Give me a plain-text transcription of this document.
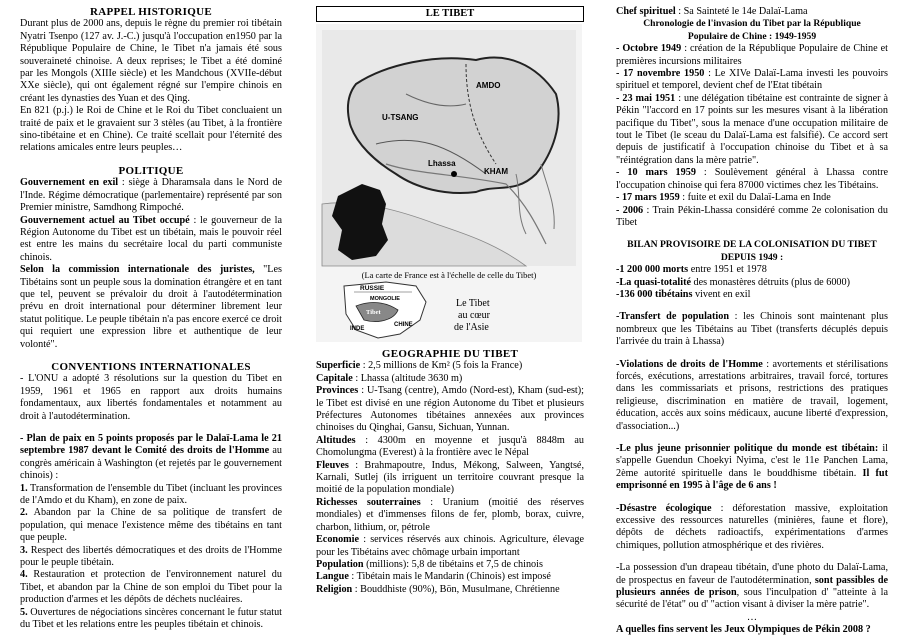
RAPPEL HISTORIQUE

Durant plus de 2000 ans, depuis le règne du premier roi tibétain Nyatri Tsenpo (127 av. J.-C.) jusqu'à l'occupation en1950 par la République Populaire de Chine, le Tibet n'a jamais été sous souveraineté chinoise. A deux reprises; le Tibet a été dominé par les Mongols (XIIIe siècle) et les Mandchous (XVIIe-début XXe siècle), qui ont également régné sur l'empire chinois en créant les dynasties des Yuan et des Qing.

En 821 (p.j.) le Roi de Chine et le Roi du Tibet concluaient un traité de paix et le gravaient sur 3 stèles (au Tibet, à la frontière sino-tibétaine et en Chine). Ce traité scellait pour l'éternité des relations amicales entre leurs peuples…

POLITIQUE

Gouvernement en exil : siège à Dharamsala dans le Nord de l'Inde. Régime démocratique (parlementaire) représenté par son Premier ministre, Samdhong Rimpoché.

Gouvernement actuel au Tibet occupé : le gouverneur de la Région Autonome du Tibet est un tibétain, mais le pouvoir réel est entre les mains du secrétaire local du parti communiste chinois.

Selon la commission internationale des juristes, "Les Tibétains sont un peuple sous la domination étrangère et en tant que tel, peuvent se prévaloir du droit à l'autodétermination prévu en droit international pour déterminer librement leur statut politique. Le peuple tibétain n'a pas encore exercé ce droit qui requiert une expression libre et authentique de leur volonté".

CONVENTIONS INTERNATIONALES

- L'ONU a adopté 3 résolutions sur la question du Tibet en 1959, 1961 et 1965 en rapport aux droits humains fondamentaux, aux libertés fondamentales et notamment au droit à l'autodétermination.

- Plan de paix en 5 points proposés par le Dalaï-Lama le 21 septembre 1987 devant le Comité des droits de l'Homme au congrès américain à Washington (et rejetés par le gouvernement chinois) :

1. Transformation de l'ensemble du Tibet (incluant les provinces de l'Amdo et du Kham), en zone de paix.

2. Abandon par la Chine de sa politique de transfert de population, qui menace l'existence même des tibétains en tant que peuple.

3. Respect des libertés démocratiques et des droits de l'Homme pour le peuple tibétain.

4. Restauration et protection de l'environnement naturel du Tibet, et abandon par la Chine de son emploi du Tibet pour la production d'armes et les dépôts de déchets nucléaires.

5. Ouvertures de négociations sincères concernant le futur statut du Tibet et les relations entre les peuples tibétain et chinois.

LE TIBET
AMDO
U-TSANG
KHAM
Lhassa
(La carte de France est à l'échelle de celle du Tibet)
RUSSIE
MONGOLIE
Tibet
INDE
CHINE
Le Tibet
au cœur
de l'Asie

GEOGRAPHIE DU TIBET

Superficie : 2,5 millions de Km² (5 fois la France)

Capitale : Lhassa (altitude 3630 m)

Provinces : U-Tsang (centre), Amdo (Nord-est), Kham (sud-est); le Tibet est divisé en une région Autonome du Tibet et plusieurs Préfectures Autonomes tibétaines annexées aux provinces chinoises du Qinghai, Gansu, Sichuan, Yunnan.

Altitudes : 4300m en moyenne et jusqu'à 8848m au Chomolungma (Everest) à la frontière avec le Népal

Fleuves : Brahmapoutre, Indus, Mékong, Salween, Yangtsé, Karnali, Sutlej (ils irriguent un territoire couvrant presque la moitié de la population mondiale)

Richesses souterraines : Uranium (moitié des réserves mondiales) et d'immenses filons de fer, plomb, borax, cuivre, charbon, lithium, or, pétrole

Economie : services réservés aux chinois. Agriculture, élevage pour les Tibétains avec chômage urbain important

Population (millions): 5,8 de tibétains et 7,5 de chinois

Langue : Tibétain mais le Mandarin (Chinois) est imposé

Religion : Bouddhiste (90%), Bön, Musulmane, Chrétienne

Chef spirituel : Sa Sainteté le 14e Dalaï-Lama

Chronologie de l'invasion du Tibet par la République

Populaire de Chine : 1949-1959

- Octobre 1949 : création de la République Populaire de Chine et premières incursions militaires

- 17 novembre 1950 : Le XIVe Dalaï-Lama investi les pouvoirs spirituel et temporel, devient chef de l'Etat tibétain

- 23 mai 1951 : une délégation tibétaine est contrainte de signer à Pékin "l'accord en 17 points sur les mesures visant à la libération pacifique du Tibet", sous la menace d'une occupation militaire de tout le Tibet (le sceau du Dalaï-Lama est falsifié). Ce accord sert depuis de justificatif à l'occupation chinoise du Tibet et à sa "réintégration dans la mère patrie".

- 10 mars 1959 : Soulèvement général à Lhassa contre l'occupation chinoise qui fera 87000 victimes chez les Tibétains.

- 17 mars 1959 : fuite et exil du Dalaï-Lama en Inde

- 2006 : Train Pékin-Lhassa considéré comme 2e colonisation du Tibet

BILAN PROVISOIRE DE LA COLONISATION DU TIBET DEPUIS 1949 :

-1 200 000 morts entre 1951 et 1978

-La quasi-totalité des monastères détruits (plus de 6000)

-136 000 tibétains vivent en exil

-Transfert de population : les Chinois sont maintenant plus nombreux que les Tibétains au Tibet (transferts décuplés depuis l'arrivée du train à Lhassa)

-Violations de droits de l'Homme : avortements et stérilisations forcés, exécutions, arrestations arbitraires, travail forcé, tortures dans les commissariats et prisons, restrictions des pratiques religieuse, discrimination en matière de travail, logement, éducation, accès aux soins médicaux, aucune liberté d'expression, d'association...)

-Le plus jeune prisonnier politique du monde est tibétain: il s'appelle Guendun Choekyi Nyima, c'est le 11e Panchen Lama, 2ème autorité spirituelle dans le bouddhisme tibétain. Il fut emprisonné en 1995 à l'âge de 6 ans !

-Désastre écologique : déforestation massive, exploitation excessive des ressources naturelles (minières, faune et flore), dépôts de déchets radioactifs, expérimentations d'armes chimiques, pollution atmosphérique et des rivières.

-La possession d'un drapeau tibétain, d'une photo du Dalaï-Lama, de prospectus en faveur de l'autodétermination, sont passibles de plusieurs années de prison, sous l'inculpation d' "atteinte à la sécurité de l'état" ou d' "action visant à diviser la mère patrie".

…

A quelles fins servent les Jeux Olympiques de Pékin 2008 ?
